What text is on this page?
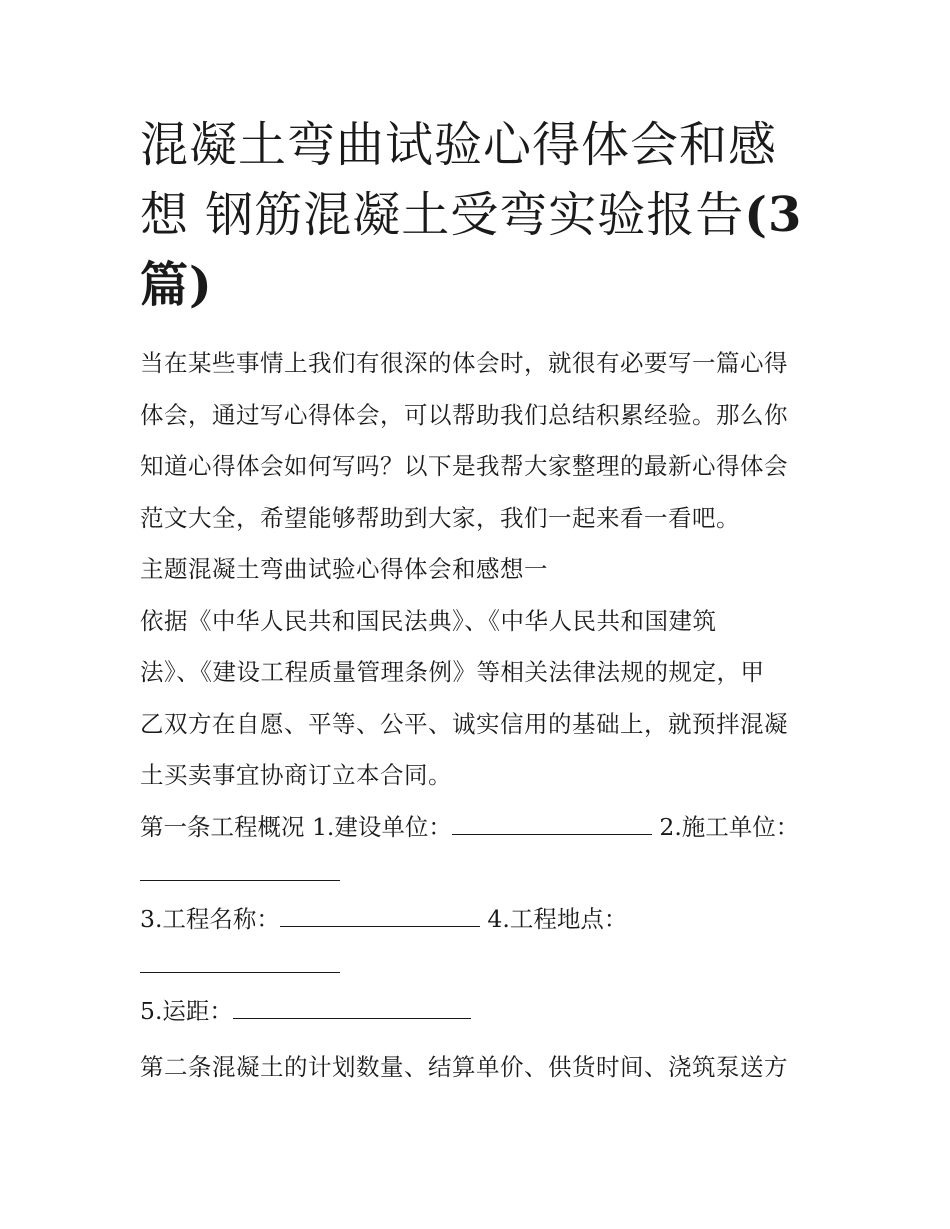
混凝土弯曲试验心得体会和感想 钢筋混凝土受弯实验报告(3
篇)

当在某些事情上我们有很深的体会时，就很有必要写一篇心得

体会，通过写心得体会，可以帮助我们总结积累经验。那么你

知道心得体会如何写吗？以下是我帮大家整理的最新心得体会

范文大全，希望能够帮助到大家，我们一起来看一看吧。

主题混凝土弯曲试验心得体会和感想一

依据《中华人民共和国民法典》、《中华人民共和国建筑

法》、《建设工程质量管理条例》等相关法律法规的规定，甲

乙双方在自愿、平等、公平、诚实信用的基础上，就预拌混凝

土买卖事宜协商订立本合同。

第一条工程概况 1.建设单位：	2.施工单位：

3.工程名称：	4.工程地点：

5.运距：

第二条混凝土的计划数量、结算单价、供货时间、浇筑泵送方
